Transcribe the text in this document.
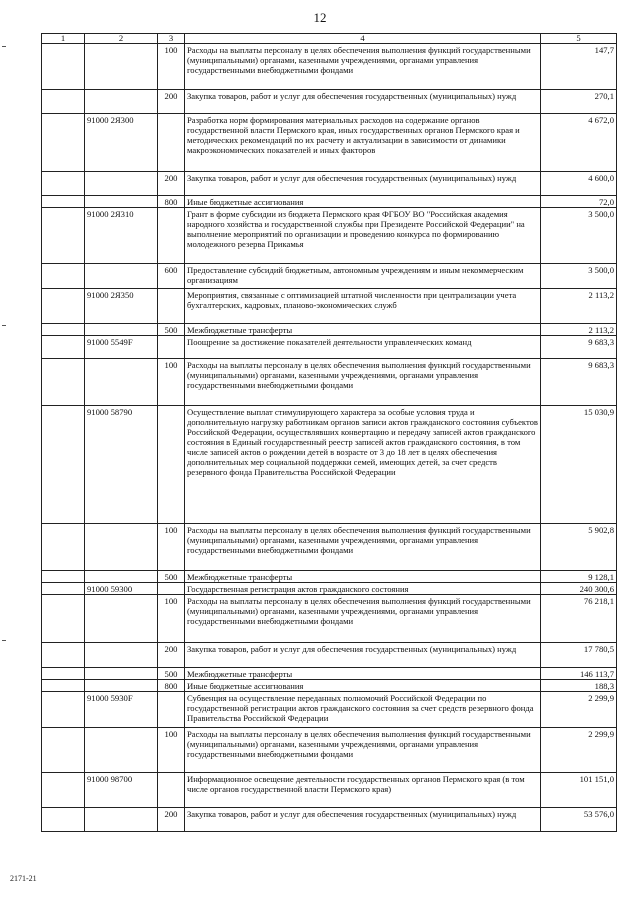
12
1	2	3	4	5
		100	Расходы на выплаты персоналу в целях обеспечения выполнения функций государственными (муниципальными) органами, казенными учреждениями, органами управления государственными внебюджетными фондами	147,7
		200	Закупка товаров, работ и услуг для обеспечения государственных (муниципальных) нужд	270,1
	91000 2Я300		Разработка норм формирования материальных расходов на содержание органов государственной власти Пермского края, иных государственных органов Пермского края и методических рекомендаций по их расчету и актуализации в зависимости от динамики макроэкономических показателей и иных факторов	4 672,0
		200	Закупка товаров, работ и услуг для обеспечения государственных (муниципальных) нужд	4 600,0
		800	Иные бюджетные ассигнования	72,0
	91000 2Я310		Грант в форме субсидии из бюджета Пермского края ФГБОУ ВО "Российская академия народного хозяйства и государственной службы при Президенте Российской Федерации" на выполнение мероприятий по организации и проведению конкурса по формированию молодежного резерва Прикамья	3 500,0
		600	Предоставление субсидий бюджетным, автономным учреждениям и иным некоммерческим организациям	3 500,0
	91000 2Я350		Мероприятия, связанные с оптимизацией штатной численности при централизации учета бухгалтерских, кадровых, планово-экономических служб	2 113,2
		500	Межбюджетные трансферты	2 113,2
	91000 5549F		Поощрение за достижение показателей деятельности управленческих команд	9 683,3
		100	Расходы на выплаты персоналу в целях обеспечения выполнения функций государственными (муниципальными) органами, казенными учреждениями, органами управления государственными внебюджетными фондами	9 683,3
	91000 58790		Осуществление выплат стимулирующего характера за особые условия труда и дополнительную нагрузку работникам органов записи актов гражданского состояния субъектов Российской Федерации, осуществлявших конвертацию и передачу записей актов гражданского состояния в Единый государственный реестр записей актов гражданского состояния, в том числе записей актов о рождении детей в возрасте от 3 до 18 лет в целях обеспечения дополнительных мер социальной поддержки семей, имеющих детей, за счет средств резервного фонда Правительства Российской Федерации	15 030,9
		100	Расходы на выплаты персоналу в целях обеспечения выполнения функций государственными (муниципальными) органами, казенными учреждениями, органами управления государственными внебюджетными фондами	5 902,8
		500	Межбюджетные трансферты	9 128,1
	91000 59300		Государственная регистрация актов гражданского состояния	240 300,6
		100	Расходы на выплаты персоналу в целях обеспечения выполнения функций государственными (муниципальными) органами, казенными учреждениями, органами управления государственными внебюджетными фондами	76 218,1
		200	Закупка товаров, работ и услуг для обеспечения государственных (муниципальных) нужд	17 780,5
		500	Межбюджетные трансферты	146 113,7
		800	Иные бюджетные ассигнования	188,3
	91000 5930F		Субвенция на осуществление переданных полномочий Российской Федерации по государственной регистрации актов гражданского состояния за счет средств резервного фонда Правительства Российской Федерации	2 299,9
		100	Расходы на выплаты персоналу в целях обеспечения выполнения функций государственными (муниципальными) органами, казенными учреждениями, органами управления государственными внебюджетными фондами	2 299,9
	91000 98700		Информационное освещение деятельности государственных органов Пермского края (в том числе органов государственной власти Пермского края)	101 151,0
		200	Закупка товаров, работ и услуг для обеспечения государственных (муниципальных) нужд	53 576,0
2171-21
